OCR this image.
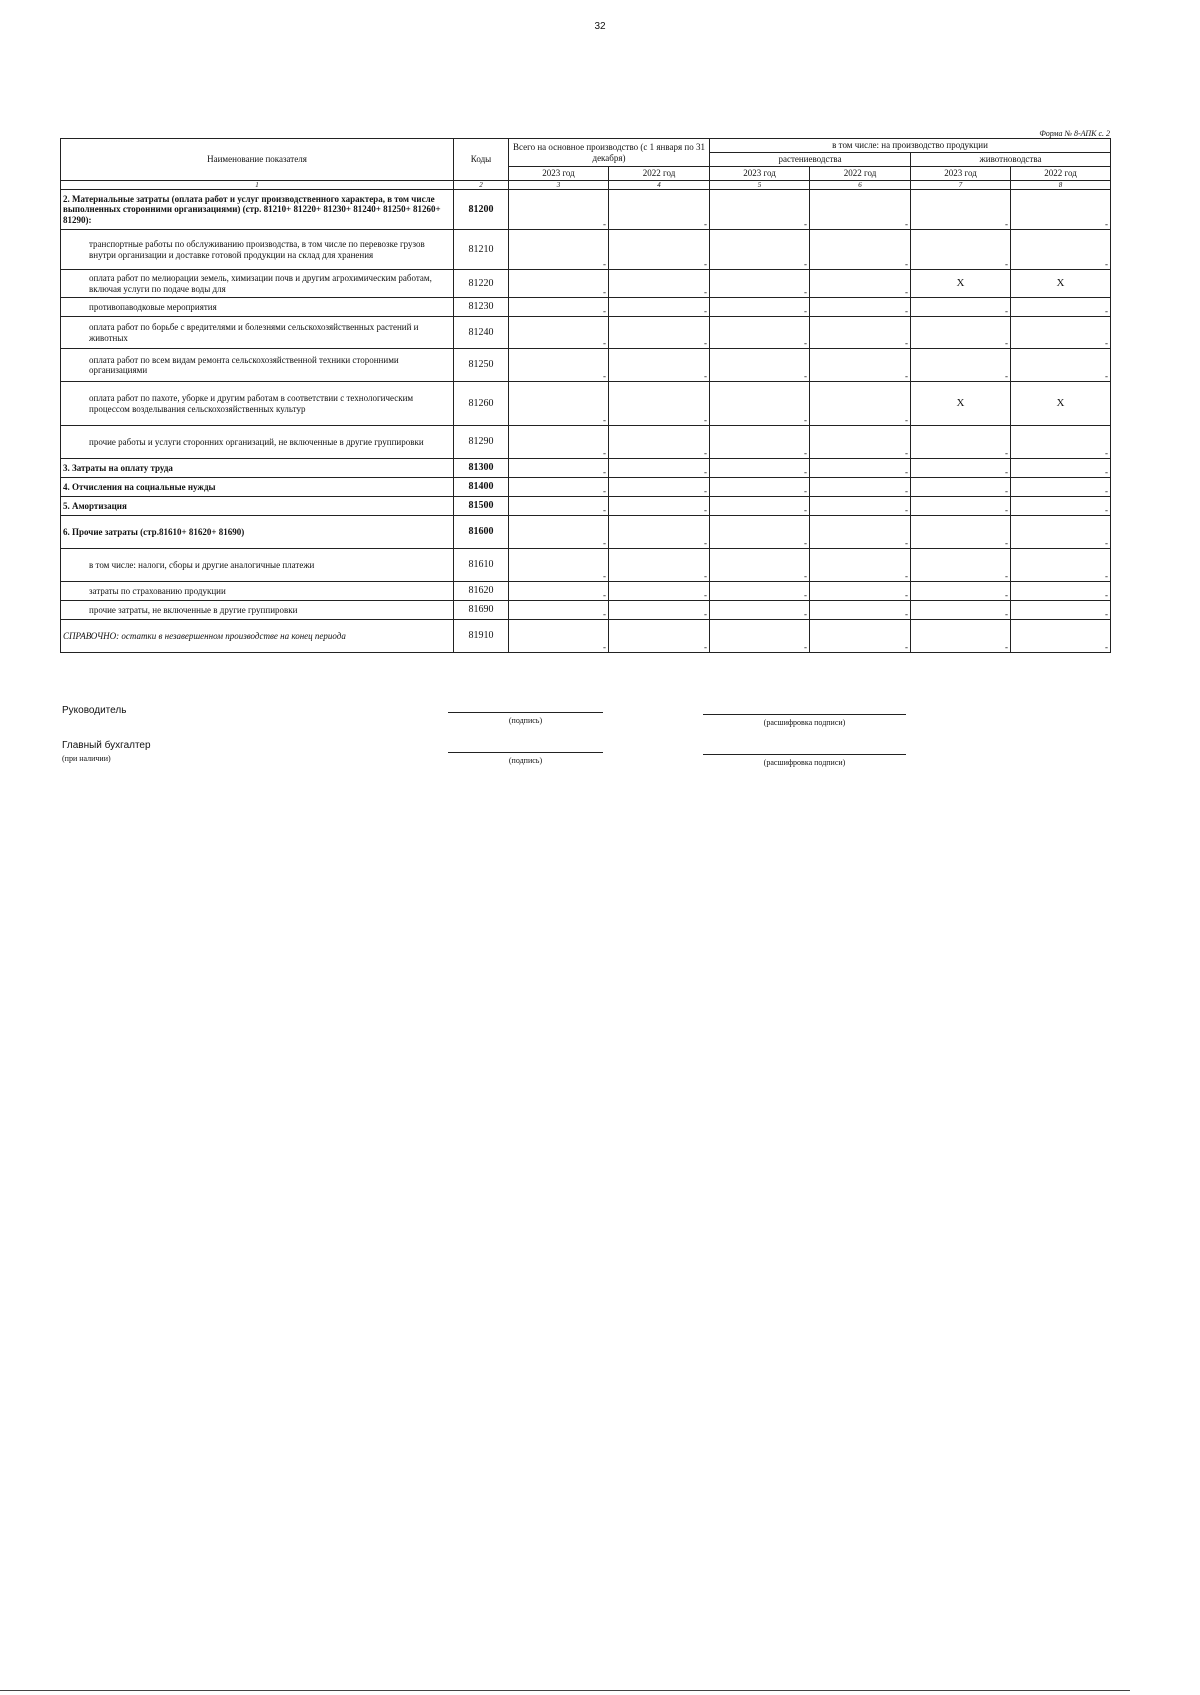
32
Форма № 8-АПК с. 2
Наименование показателя	Коды	Всего на основное производство (с 1 января по 31 декабря)		в том числе: на производство продукции			
				растениеводства		животноводства	
		2023 год	2022 год	2023 год	2022 год	2023 год	2022 год
1	2	3	4	5	6	7	8
2. Материальные затраты (оплата работ и услуг производственного характера, в том числе выполненных сторонними организациями) (стр. 81210+ 81220+ 81230+ 81240+ 81250+ 81260+ 81290):	81200	-	-	-	-	-	-

транспортные работы по обслуживанию производства, в том числе по перевозке грузов внутри организации и доставке готовой продукции на склад для хранения	81210	-	-	-	-	-	-

оплата работ по мелиорации земель, химизации почв и другим агрохимическим работам, включая услуги по подаче воды для	81220	-	-	-	-	X	X
противопаводковые мероприятия	81230	-	-	-	-	-	-

оплата работ по борьбе с вредителями и болезнями сельскохозяйственных растений и животных	81240	-	-	-	-	-	-

оплата работ по всем видам ремонта сельскохозяйственной техники сторонними организациями	81250	-	-	-	-	-	-

оплата работ по пахоте, уборке и другим работам в соответствии с технологическим процессом возделывания сельскохозяйственных культур	81260	-	-	-	-	X	X
прочие работы и услуги сторонних организаций, не включенные в другие группировки	81290	-	-	-	-	-	-

3. Затраты на оплату труда	81300	-	-	-	-	-	-

4. Отчисления на социальные нужды	81400	-	-	-	-	-	-

5. Амортизация	81500	-	-	-	-	-	-

6. Прочие затраты (стр.81610+ 81620+ 81690)	81600	-	-	-	-	-	-

в том числе: налоги, сборы и другие аналогичные платежи	81610	-	-	-	-	-	-

затраты по страхованию продукции	81620	-	-	-	-	-	-

прочие затраты, не включенные в другие группировки	81690	-	-	-	-	-	-

СПРАВОЧНО: остатки в незавершенном производстве на конец периода	81910	-	-	-	-	-	-
Руководитель
(подпись)	(расшифровка подписи)
Главный бухгалтер
(при наличии)	(подпись)	(расшифровка подписи)
